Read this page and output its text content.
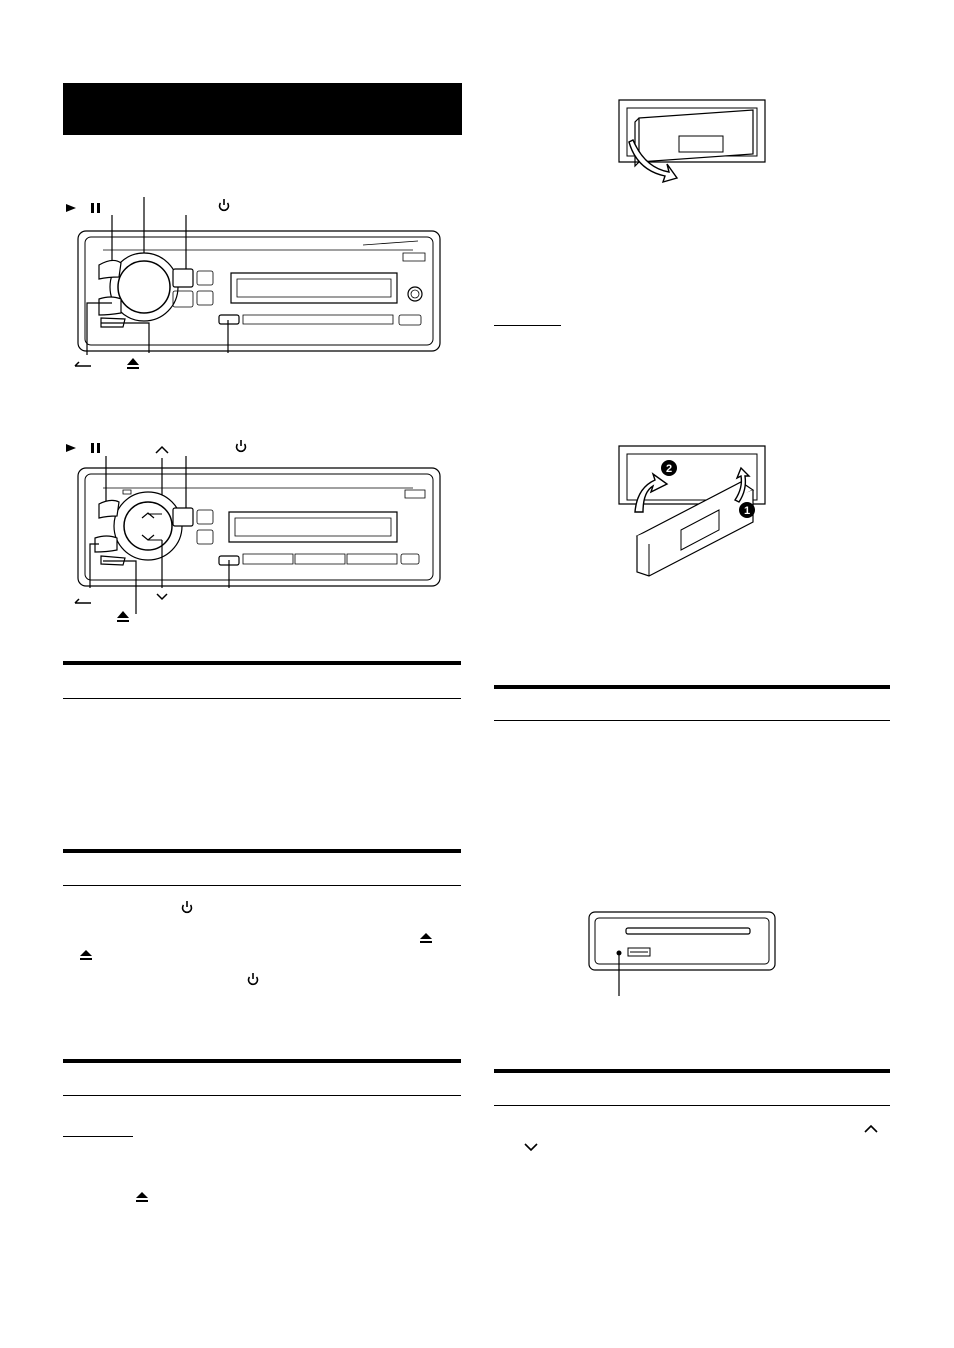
2
1
